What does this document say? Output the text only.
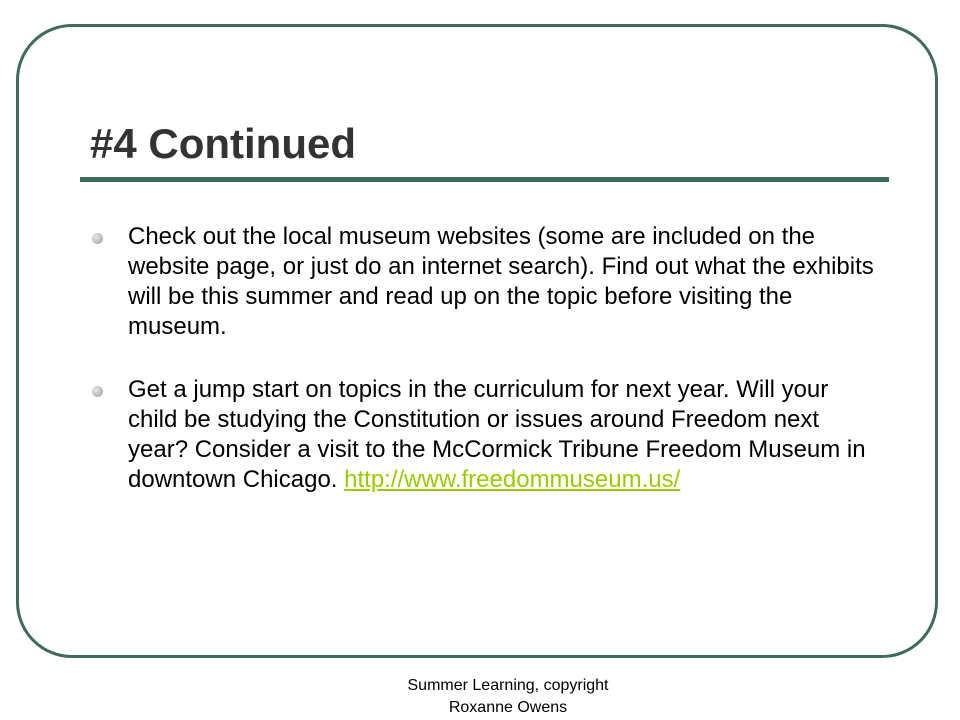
#4 Continued
Check out the local museum websites (some are included on the website page, or just do an internet search). Find out what the exhibits will be this summer and read up on the topic before visiting the museum.
Get a jump start on topics in the curriculum for next year. Will your child be studying the Constitution or issues around Freedom next year? Consider a visit to the McCormick Tribune Freedom Museum in downtown Chicago. http://www.freedommuseum.us/
Summer Learning, copyright
Roxanne Owens
